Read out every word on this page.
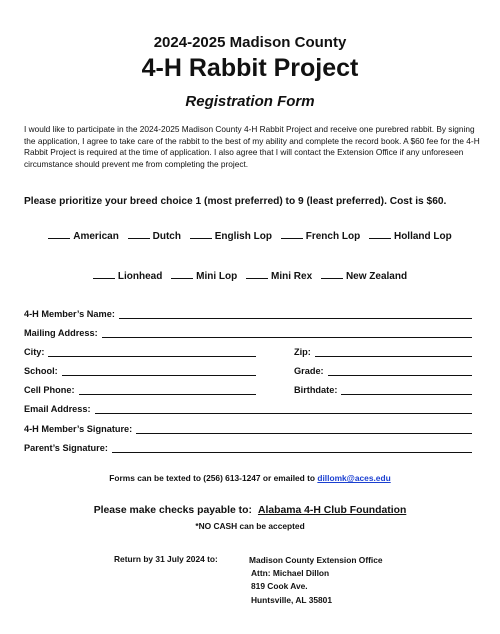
2024-2025 Madison County
4-H Rabbit Project
Registration Form
I would like to participate in the 2024-2025 Madison County 4-H Rabbit Project and receive one purebred rabbit. By signing the application, I agree to take care of the rabbit to the best of my ability and complete the record book. A $60 fee for the 4-H Rabbit Project is required at the time of application. I also agree that I will contact the Extension Office if any unforeseen circumstance should prevent me from completing the project.
Please prioritize your breed choice 1 (most preferred) to 9 (least preferred). Cost is $60.
American	Dutch	English Lop	French Lop	Holland Lop
Lionhead	Mini Lop	Mini Rex	New Zealand
4-H Member’s Name:
Mailing Address:
City:	Zip:
School:	Grade:
Cell Phone:	Birthdate:
Email Address:
4-H Member’s Signature:
Parent’s Signature:
Forms can be texted to (256) 613-1247 or emailed to dillomk@aces.edu
Please make checks payable to: Alabama 4-H Club Foundation
*NO CASH can be accepted
Return by 31 July 2024 to:	Madison County Extension Office
Attn: Michael Dillon
819 Cook Ave.
Huntsville, AL 35801
